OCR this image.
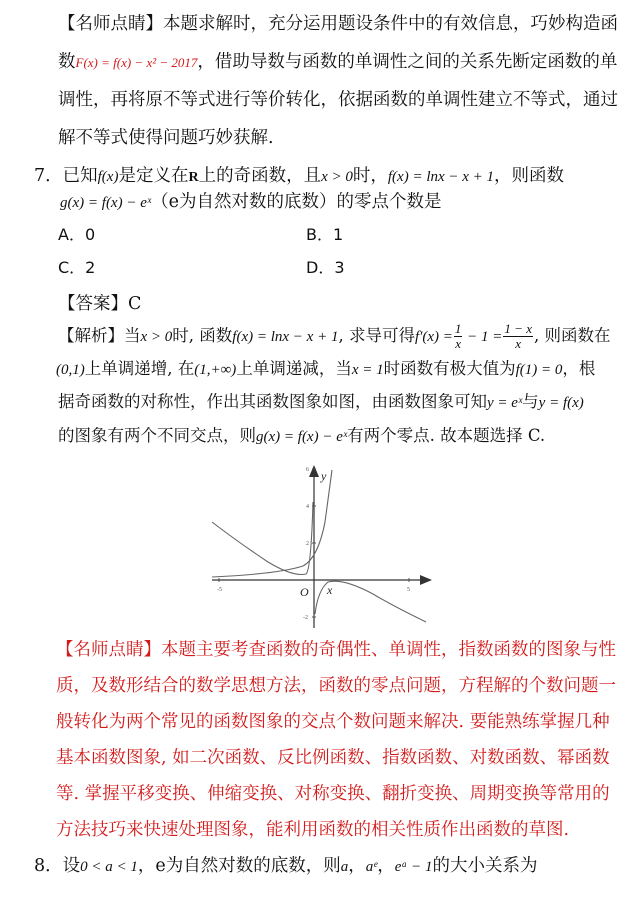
【名师点睛】本题求解时，充分运用题设条件中的有效信息，巧妙构造函
数F(x) = f(x) − x² − 2017，借助导数与函数的单调性之间的关系先断定函数的单
调性，再将原不等式进行等价转化，依据函数的单调性建立不等式，通过
解不等式使得问题巧妙获解.
7．已知f(x)是定义在R上的奇函数，且x > 0时，f(x) = lnx − x + 1，则函数
g(x) = f(x) − eˣ（e为自然对数的底数）的零点个数是
A．0	B．1
C．2	D．3
【答案】C
【解析】当x > 0时, 函数f(x) = lnx − x + 1, 求导可得$f'(x) = \frac{1}{x} - 1 = \frac{1 - x}{x}$ , 则函数在
(0,1)上单调递增, 在(1,+∞)上单调递减，当x = 1时函数有极大值为f(1) = 0，根
据奇函数的对称性，作出其函数图象如图，由函数图象可知y = eˣ与y = f(x)
的图象有两个不同交点，则g(x) = f(x) − eˣ有两个零点. 故本题选择 C.
-5	5
6
4
2
-2
x
y
O
【名师点睛】本题主要考查函数的奇偶性、单调性，指数函数的图象与性
质，及数形结合的数学思想方法，函数的零点问题，方程解的个数问题一
般转化为两个常见的函数图象的交点个数问题来解决. 要能熟练掌握几种
基本函数图象, 如二次函数、反比例函数、指数函数、对数函数、幂函数
等. 掌握平移变换、伸缩变换、对称变换、翻折变换、周期变换等常用的
方法技巧来快速处理图象，能利用函数的相关性质作出函数的草图.
8．设0 < a < 1，e为自然对数的底数，则a，aᵉ，eᵃ − 1的大小关系为
